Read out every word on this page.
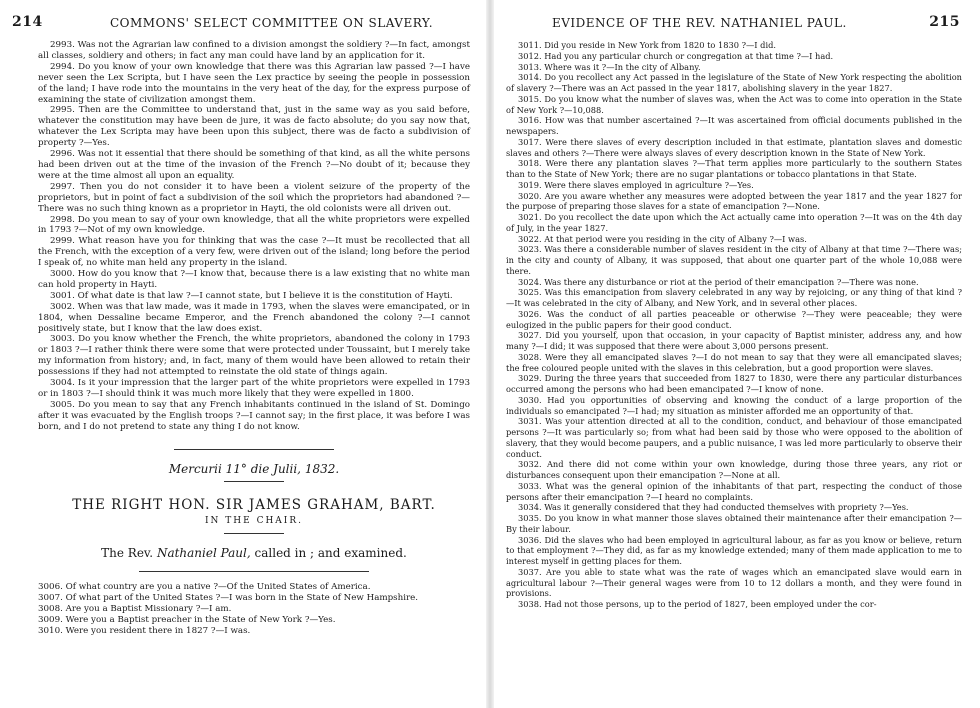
214	COMMONS' SELECT COMMITTEE ON SLAVERY.

2993. Was not the Agrarian law confined to a division amongst the soldiery ?—In fact, amongst all classes, soldiery and others; in fact any man could have land by an application for it.

2994. Do you know of your own knowledge that there was this Agrarian law passed ?—I have never seen the Lex Scripta, but I have seen the Lex practice by seeing the people in possession of the land; I have rode into the mountains in the very heat of the day, for the express purpose of examining the state of civilization amongst them.

2995. Then are the Committee to understand that, just in the same way as you said before, whatever the constitution may have been de jure, it was de facto absolute; do you say now that, whatever the Lex Scripta may have been upon this subject, there was de facto a subdivision of property ?—Yes.

2996. Was not it essential that there should be something of that kind, as all the white persons had been driven out at the time of the invasion of the French ?—No doubt of it; because they were at the time almost all upon an equality.

2997. Then you do not consider it to have been a violent seizure of the property of the proprietors, but in point of fact a subdivision of the soil which the proprietors had abandoned ?—There was no such thing known as a proprietor in Hayti, the old colonists were all driven out.

2998. Do you mean to say of your own knowledge, that all the white proprietors were expelled in 1793 ?—Not of my own knowledge.

2999. What reason have you for thinking that was the case ?—It must be recollected that all the French, with the exception of a very few, were driven out of the island; long before the period I speak of, no white man held any property in the island.

3000. How do you know that ?—I know that, because there is a law existing that no white man can hold property in Hayti.

3001. Of what date is that law ?—I cannot state, but I believe it is the constitution of Hayti.

3002. When was that law made, was it made in 1793, when the slaves were emancipated, or in 1804, when Dessaline became Emperor, and the French abandoned the colony ?—I cannot positively state, but I know that the law does exist.

3003. Do you know whether the French, the white proprietors, abandoned the colony in 1793 or 1803 ?—I rather think there were some that were protected under Toussaint, but I merely take my information from history; and, in fact, many of them would have been allowed to retain their possessions if they had not attempted to reinstate the old state of things again.

3004. Is it your impression that the larger part of the white proprietors were expelled in 1793 or in 1803 ?—I should think it was much more likely that they were expelled in 1800.

3005. Do you mean to say that any French inhabitants continued in the island of St. Domingo after it was evacuated by the English troops ?—I cannot say; in the first place, it was before I was born, and I do not pretend to state any thing I do not know.

Mercurii 11° die Julii, 1832.

THE RIGHT HON. SIR JAMES GRAHAM, BART.

IN THE CHAIR.

The Rev. Nathaniel Paul, called in ; and examined.

3006. Of what country are you a native ?—Of the United States of America.

3007. Of what part of the United States ?—I was born in the State of New Hampshire.

3008. Are you a Baptist Missionary ?—I am.

3009. Were you a Baptist preacher in the State of New York ?—Yes.

3010. Were you resident there in 1827 ?—I was.

EVIDENCE OF THE REV. NATHANIEL PAUL.	215

3011. Did you reside in New York from 1820 to 1830 ?—I did.

3012. Had you any particular church or congregation at that time ?—I had.

3013. Where was it ?—In the city of Albany.

3014. Do you recollect any Act passed in the legislature of the State of New York respecting the abolition of slavery ?—There was an Act passed in the year 1817, abolishing slavery in the year 1827.

3015. Do you know what the number of slaves was, when the Act was to come into operation in the State of New York ?—10,088.

3016. How was that number ascertained ?—It was ascertained from official documents published in the newspapers.

3017. Were there slaves of every description included in that estimate, plantation slaves and domestic slaves and others ?—There were always slaves of every description known in the State of New York.

3018. Were there any plantation slaves ?—That term applies more particularly to the southern States than to the State of New York; there are no sugar plantations or tobacco plantations in that State.

3019. Were there slaves employed in agriculture ?—Yes.

3020. Are you aware whether any measures were adopted between the year 1817 and the year 1827 for the purpose of preparing those slaves for a state of emancipation ?—None.

3021. Do you recollect the date upon which the Act actually came into operation ?—It was on the 4th day of July, in the year 1827.

3022. At that period were you residing in the city of Albany ?—I was.

3023. Was there a considerable number of slaves resident in the city of Albany at that time ?—There was; in the city and county of Albany, it was supposed, that about one quarter part of the whole 10,088 were there.

3024. Was there any disturbance or riot at the period of their emancipation ?—There was none.

3025. Was this emancipation from slavery celebrated in any way by rejoicing, or any thing of that kind ?—It was celebrated in the city of Albany, and New York, and in several other places.

3026. Was the conduct of all parties peaceable or otherwise ?—They were peaceable; they were eulogized in the public papers for their good conduct.

3027. Did you yourself, upon that occasion, in your capacity of Baptist minister, address any, and how many ?—I did; it was supposed that there were about 3,000 persons present.

3028. Were they all emancipated slaves ?—I do not mean to say that they were all emancipated slaves; the free coloured people united with the slaves in this celebration, but a good proportion were slaves.

3029. During the three years that succeeded from 1827 to 1830, were there any particular disturbances occurred among the persons who had been emancipated ?—I know of none.

3030. Had you opportunities of observing and knowing the conduct of a large proportion of the individuals so emancipated ?—I had; my situation as minister afforded me an opportunity of that.

3031. Was your attention directed at all to the condition, conduct, and behaviour of those emancipated persons ?—It was particularly so; from what had been said by those who were opposed to the abolition of slavery, that they would become paupers, and a public nuisance, I was led more particularly to observe their conduct.

3032. And there did not come within your own knowledge, during those three years, any riot or disturbances consequent upon their emancipation ?—None at all.

3033. What was the general opinion of the inhabitants of that part, respecting the conduct of those persons after their emancipation ?—I heard no complaints.

3034. Was it generally considered that they had conducted themselves with propriety ?—Yes.

3035. Do you know in what manner those slaves obtained their maintenance after their emancipation ?—By their labour.

3036. Did the slaves who had been employed in agricultural labour, as far as you know or believe, return to that employment ?—They did, as far as my knowledge extended; many of them made application to me to interest myself in getting places for them.

3037. Are you able to state what was the rate of wages which an emancipated slave would earn in agricultural labour ?—Their general wages were from 10 to 12 dollars a month, and they were found in provisions.

3038. Had not those persons, up to the period of 1827, been employed under the cor-
